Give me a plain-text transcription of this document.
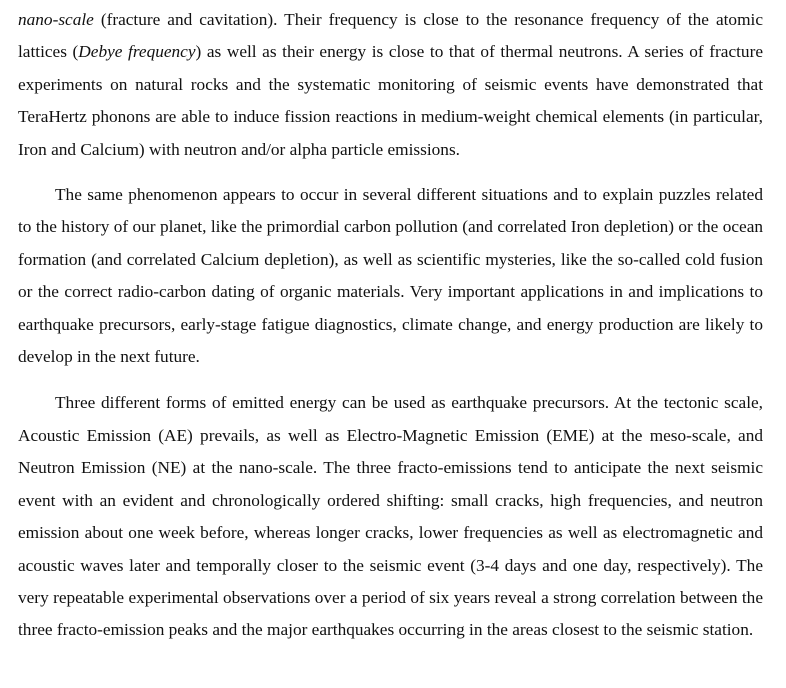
nano-scale (fracture and cavitation). Their frequency is close to the resonance frequency of the atomic lattices (Debye frequency) as well as their energy is close to that of thermal neutrons. A series of fracture experiments on natural rocks and the systematic monitoring of seismic events have demonstrated that TeraHertz phonons are able to induce fission reactions in medium-weight chemical elements (in particular, Iron and Calcium) with neutron and/or alpha particle emissions.

The same phenomenon appears to occur in several different situations and to explain puzzles related to the history of our planet, like the primordial carbon pollution (and correlated Iron depletion) or the ocean formation (and correlated Calcium depletion), as well as scientific mysteries, like the so-called cold fusion or the correct radio-carbon dating of organic materials. Very important applications in and implications to earthquake precursors, early-stage fatigue diagnostics, climate change, and energy production are likely to develop in the next future.

Three different forms of emitted energy can be used as earthquake precursors. At the tectonic scale, Acoustic Emission (AE) prevails, as well as Electro-Magnetic Emission (EME) at the meso-scale, and Neutron Emission (NE) at the nano-scale. The three fracto-emissions tend to anticipate the next seismic event with an evident and chronologically ordered shifting: small cracks, high frequencies, and neutron emission about one week before, whereas longer cracks, lower frequencies as well as electromagnetic and acoustic waves later and temporally closer to the seismic event (3-4 days and one day, respectively). The very repeatable experimental observations over a period of six years reveal a strong correlation between the three fracto-emission peaks and the major earthquakes occurring in the areas closest to the seismic station.
